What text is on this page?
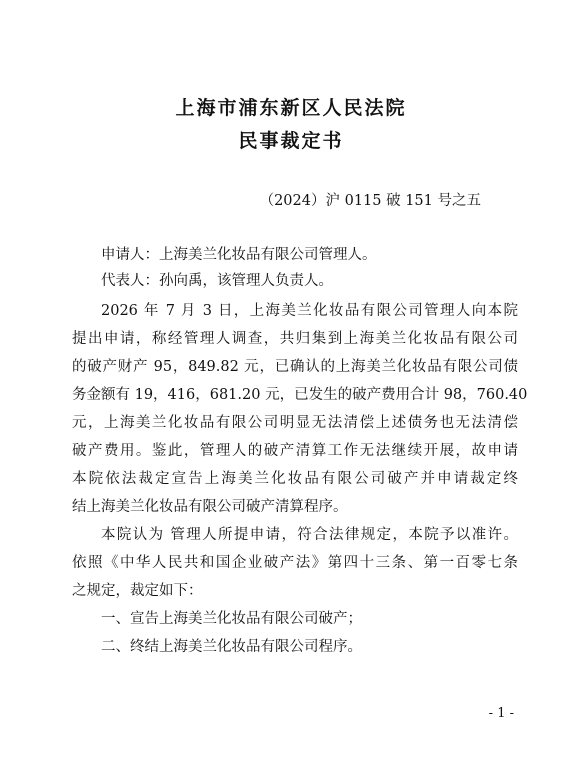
上海市浦东新区人民法院
民事裁定书
（2024）沪 0115 破 151 号之五
申请人：上海美兰化妆品有限公司管理人。
代表人：孙向禹，该管理人负责人。
2026 年 7 月 3 日，上海美兰化妆品有限公司管理人向本院
提出申请，称经管理人调查，共归集到上海美兰化妆品有限公司
的破产财产 95，849.82 元，已确认的上海美兰化妆品有限公司债
务金额有 19，416，681.20 元，已发生的破产费用合计 98，760.40
元，上海美兰化妆品有限公司明显无法清偿上述债务也无法清偿
破产费用。鉴此，管理人的破产清算工作无法继续开展，故申请
本院依法裁定宣告上海美兰化妆品有限公司破产并申请裁定终
结上海美兰化妆品有限公司破产清算程序。
本院认为 管理人所提申请，符合法律规定，本院予以准许。
依照《中华人民共和国企业破产法》第四十三条、第一百零七条
之规定，裁定如下：
一、宣告上海美兰化妆品有限公司破产；
二、终结上海美兰化妆品有限公司程序。
- 1 -
